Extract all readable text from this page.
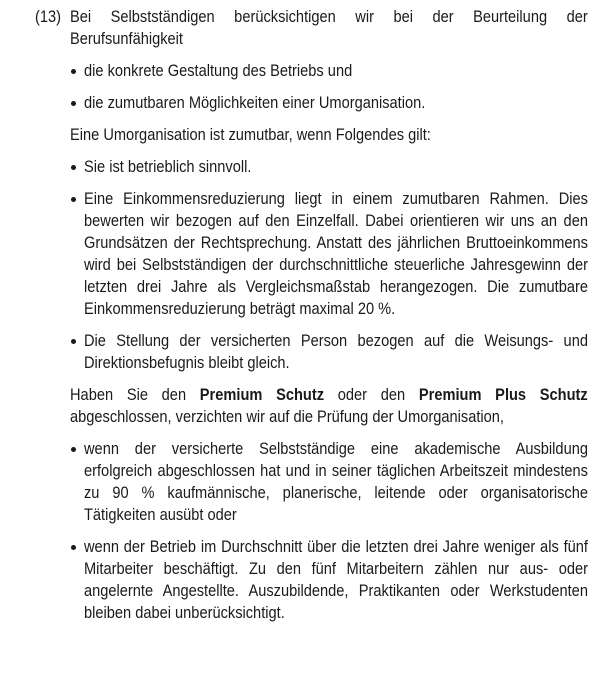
(13) Bei Selbstständigen berücksichtigen wir bei der Beurteilung der Berufsunfähigkeit

die konkrete Gestaltung des Betriebs und

die zumutbaren Möglichkeiten einer Umorganisation.

Eine Umorganisation ist zumutbar, wenn Folgendes gilt:

Sie ist betrieblich sinnvoll.

Eine Einkommensreduzierung liegt in einem zumutbaren Rahmen. Dies bewerten wir bezogen auf den Einzelfall. Dabei orientieren wir uns an den Grundsätzen der Rechtsprechung. Anstatt des jährlichen Bruttoeinkommens wird bei Selbstständigen der durchschnittliche steuerliche Jahresgewinn der letzten drei Jahre als Vergleichsmaßstab herangezogen. Die zumutbare Einkommensreduzierung beträgt maximal 20 %.

Die Stellung der versicherten Person bezogen auf die Weisungs- und Direktionsbefugnis bleibt gleich.

Haben Sie den Premium Schutz oder den Premium Plus Schutz abgeschlossen, verzichten wir auf die Prüfung der Umorganisation,

wenn der versicherte Selbstständige eine akademische Ausbildung erfolgreich abgeschlossen hat und in seiner täglichen Arbeitszeit mindestens zu 90 % kaufmännische, planerische, leitende oder organisatorische Tätigkeiten ausübt oder

wenn der Betrieb im Durchschnitt über die letzten drei Jahre weniger als fünf Mitarbeiter beschäftigt. Zu den fünf Mitarbeitern zählen nur aus- oder angelernte Angestellte. Auszubildende, Praktikanten oder Werkstudenten bleiben dabei unberücksichtigt.
